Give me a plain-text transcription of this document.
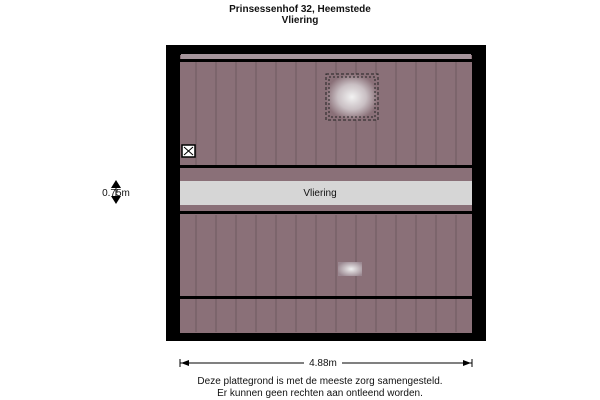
Prinsessenhof 32, Heemstede
Vliering
Vliering
0.75m
4.88m
Deze plattegrond is met de meeste zorg samengesteld.
Er kunnen geen rechten aan ontleend worden.
